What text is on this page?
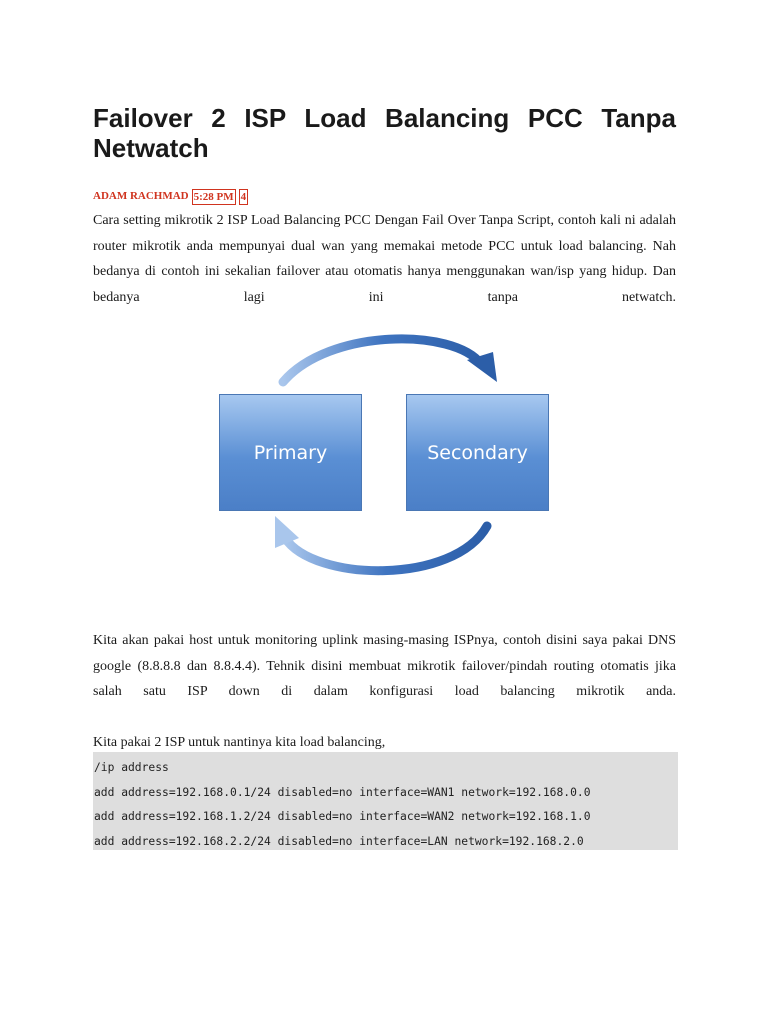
Failover 2 ISP Load Balancing PCC Tanpa Netwatch
ADAM RACHMAD 5:28 PM 4

Cara setting mikrotik 2 ISP Load Balancing PCC Dengan Fail Over Tanpa Script, contoh kali ni adalah router mikrotik anda mempunyai dual wan yang memakai metode PCC untuk load balancing. Nah bedanya di contoh ini sekalian failover atau otomatis hanya menggunakan wan/isp yang hidup. Dan bedanya lagi ini tanpa netwatch.

Primary	Secondary

Kita akan pakai host untuk monitoring uplink masing-masing ISPnya, contoh disini saya pakai DNS google (8.8.8.8 dan 8.8.4.4). Tehnik disini membuat mikrotik failover/pindah routing otomatis jika salah satu ISP down di dalam konfigurasi load balancing mikrotik anda.

Kita pakai 2 ISP untuk nantinya kita load balancing,

/ip address
add address=192.168.0.1/24 disabled=no interface=WAN1 network=192.168.0.0
add address=192.168.1.2/24 disabled=no interface=WAN2 network=192.168.1.0
add address=192.168.2.2/24 disabled=no interface=LAN network=192.168.2.0
